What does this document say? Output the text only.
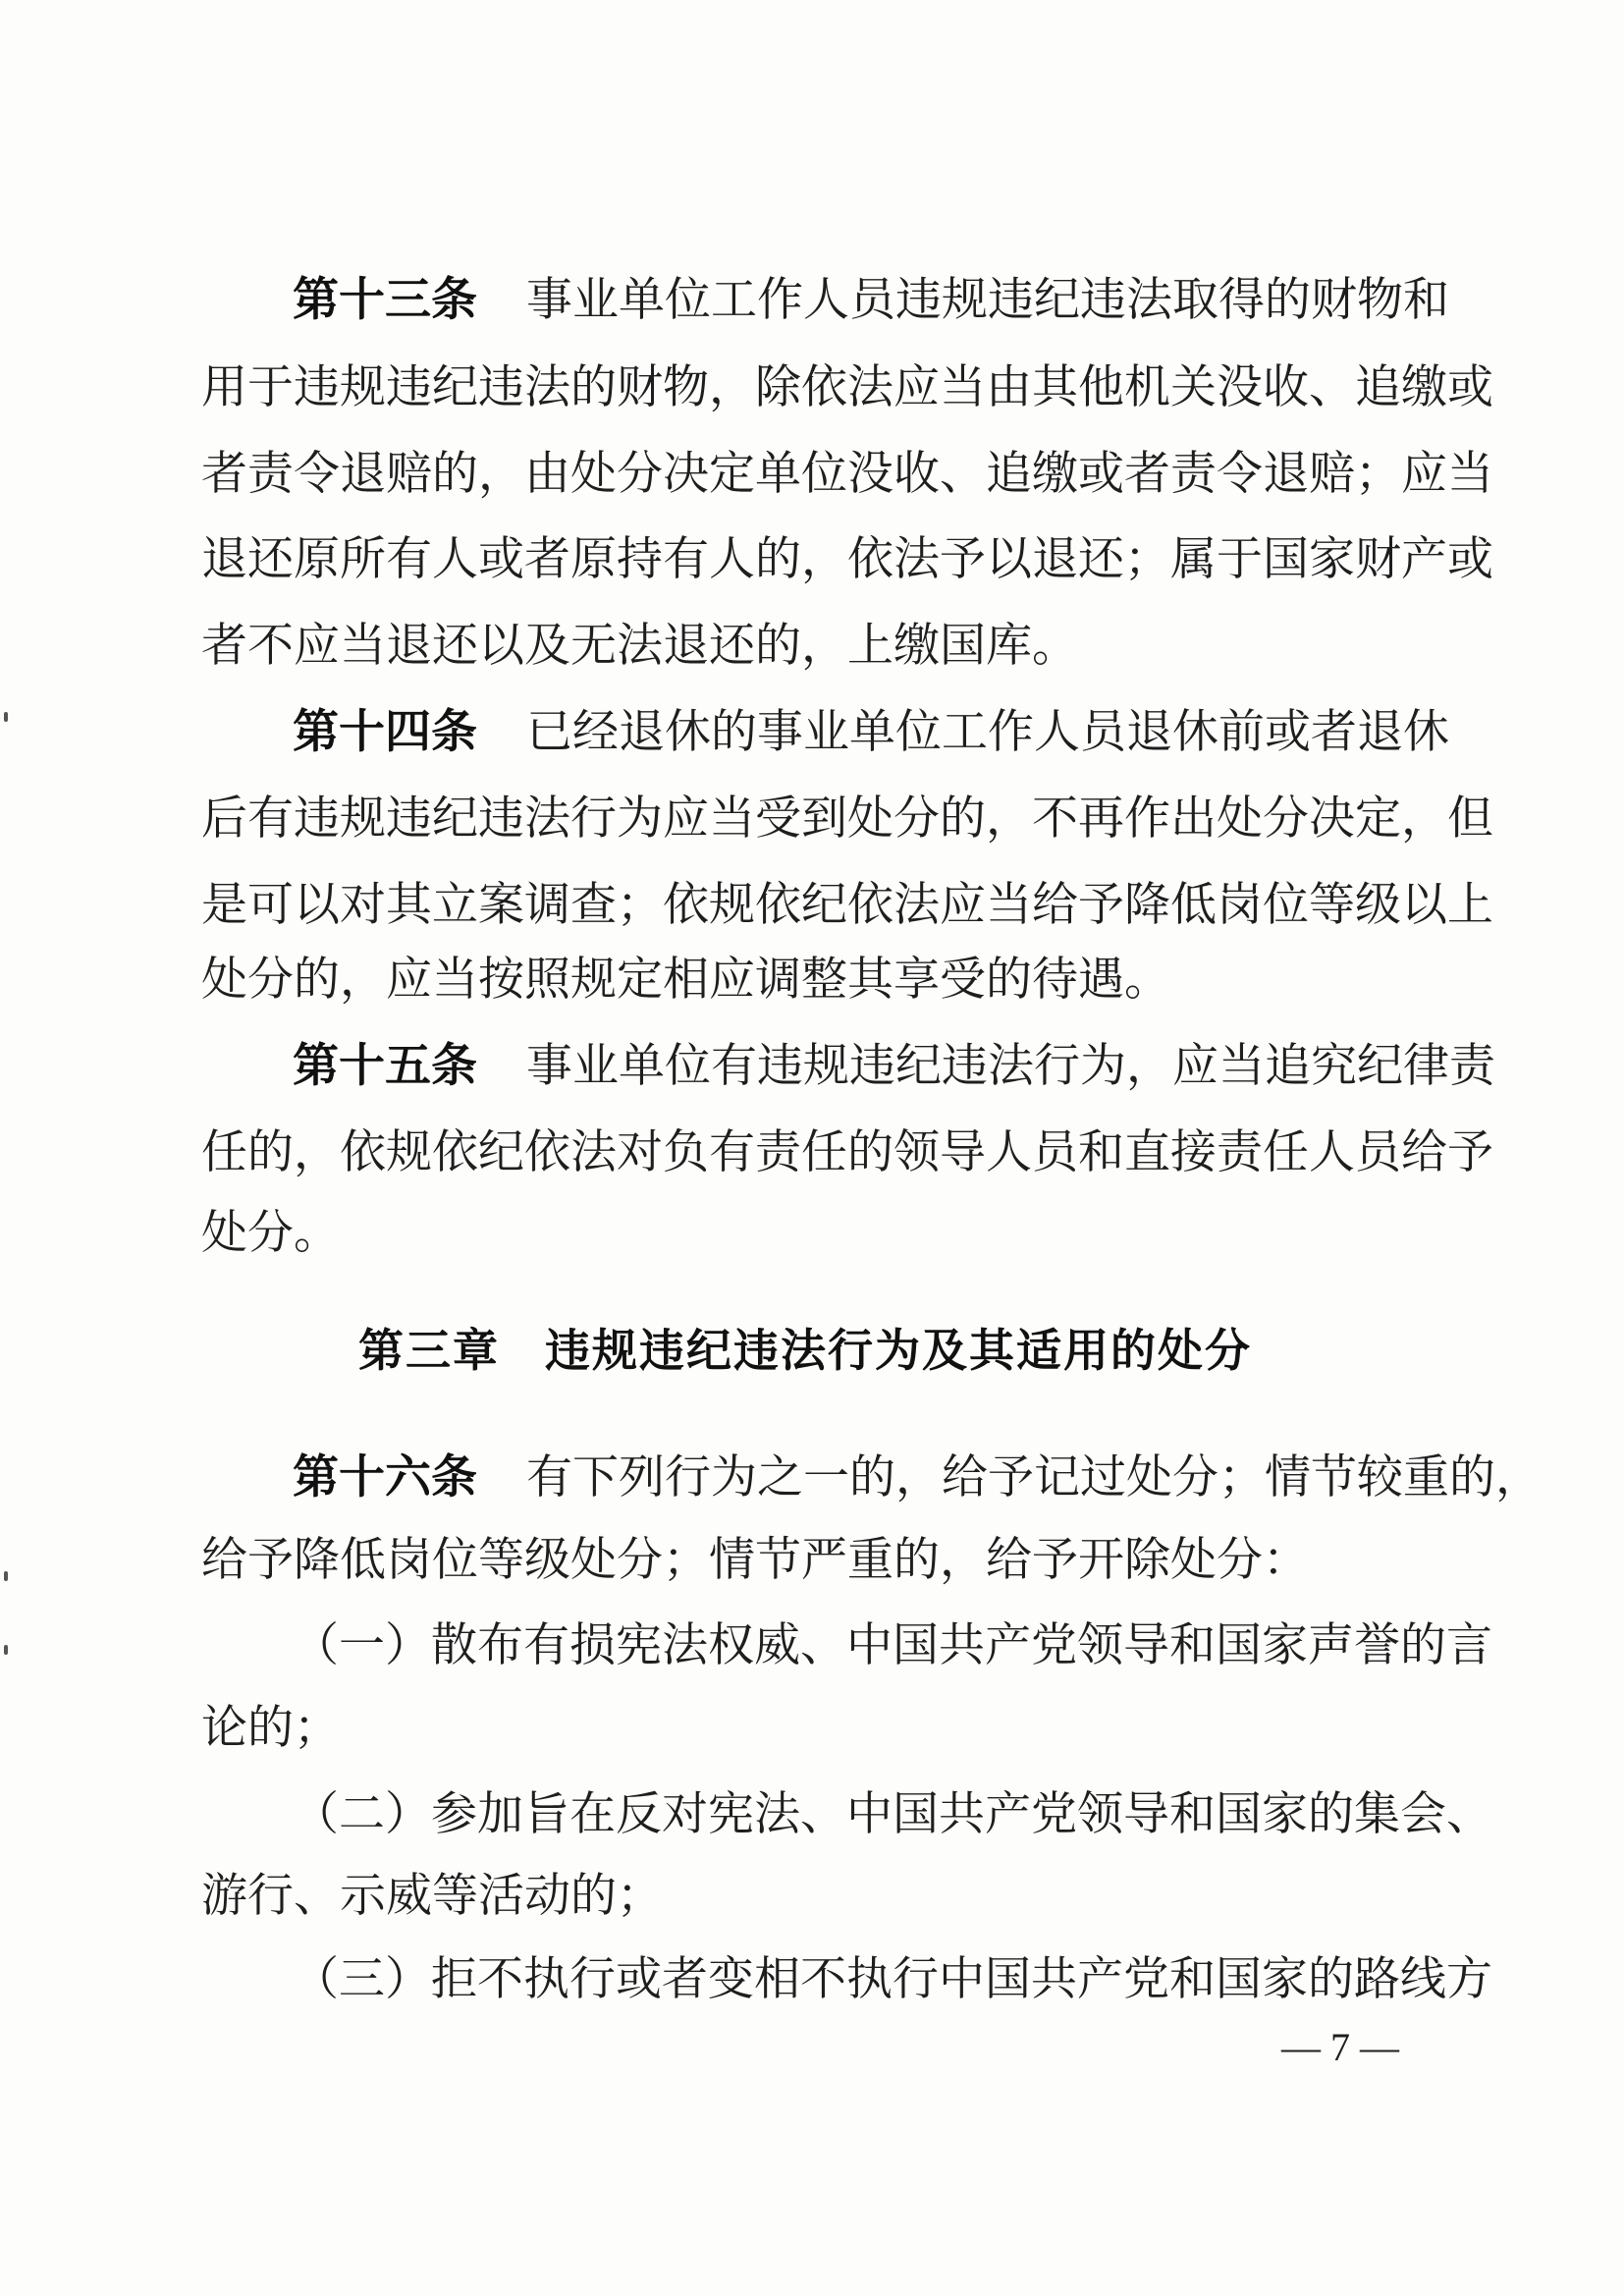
第十三条 事业单位工作人员违规违纪违法取得的财物和
用于违规违纪违法的财物，除依法应当由其他机关没收、追缴或
者责令退赔的，由处分决定单位没收、追缴或者责令退赔；应当
退还原所有人或者原持有人的，依法予以退还；属于国家财产或
者不应当退还以及无法退还的，上缴国库。
第十四条 已经退休的事业单位工作人员退休前或者退休
后有违规违纪违法行为应当受到处分的，不再作出处分决定，但
是可以对其立案调查；依规依纪依法应当给予降低岗位等级以上
处分的，应当按照规定相应调整其享受的待遇。
第十五条 事业单位有违规违纪违法行为，应当追究纪律责
任的，依规依纪依法对负有责任的领导人员和直接责任人员给予
处分。
第三章 违规违纪违法行为及其适用的处分
第十六条 有下列行为之一的，给予记过处分；情节较重的，
给予降低岗位等级处分；情节严重的，给予开除处分：
（一）散布有损宪法权威、中国共产党领导和国家声誉的言
论的；
（二）参加旨在反对宪法、中国共产党领导和国家的集会、
游行、示威等活动的；
（三）拒不执行或者变相不执行中国共产党和国家的路线方
— 7 —
